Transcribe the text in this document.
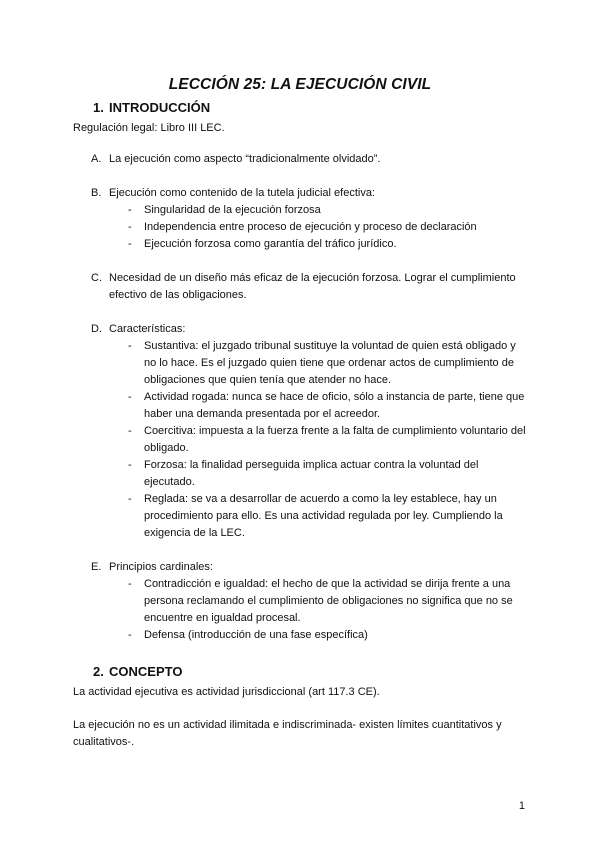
LECCIÓN 25: LA EJECUCIÓN CIVIL
1. INTRODUCCIÓN

Regulación legal: Libro III LEC.

A. La ejecución como aspecto “tradicionalmente olvidado”.
B. Ejecución como contenido de la tutela judicial efectiva:
- Singularidad de la ejecución forzosa
- Independencia entre proceso de ejecución y proceso de declaración
- Ejecución forzosa como garantía del tráfico jurídico.
C. Necesidad de un diseño más eficaz de la ejecución forzosa. Lograr el cumplimiento efectivo de las obligaciones.
D. Características:
- Sustantiva: el juzgado tribunal sustituye la voluntad de quien está obligado y no lo hace. Es el juzgado quien tiene que ordenar actos de cumplimiento de obligaciones que quien tenía que atender no hace.
- Actividad rogada: nunca se hace de oficio, sólo a instancia de parte, tiene que haber una demanda presentada por el acreedor.
- Coercitiva: impuesta a la fuerza frente a la falta de cumplimiento voluntario del obligado.
- Forzosa: la finalidad perseguida implica actuar contra la voluntad del ejecutado.
- Reglada: se va a desarrollar de acuerdo a como la ley establece, hay un procedimiento para ello. Es una actividad regulada por ley. Cumpliendo la exigencia de la LEC.
E. Principios cardinales:
- Contradicción e igualdad: el hecho de que la actividad se dirija frente a una persona reclamando el cumplimiento de obligaciones no significa que no se encuentre en igualdad procesal.
- Defensa (introducción de una fase específica)
2. CONCEPTO

La actividad ejecutiva es actividad jurisdiccional (art 117.3 CE).

La ejecución no es un actividad ilimitada e indiscriminada- existen límites cuantitativos y cualitativos-.

1
